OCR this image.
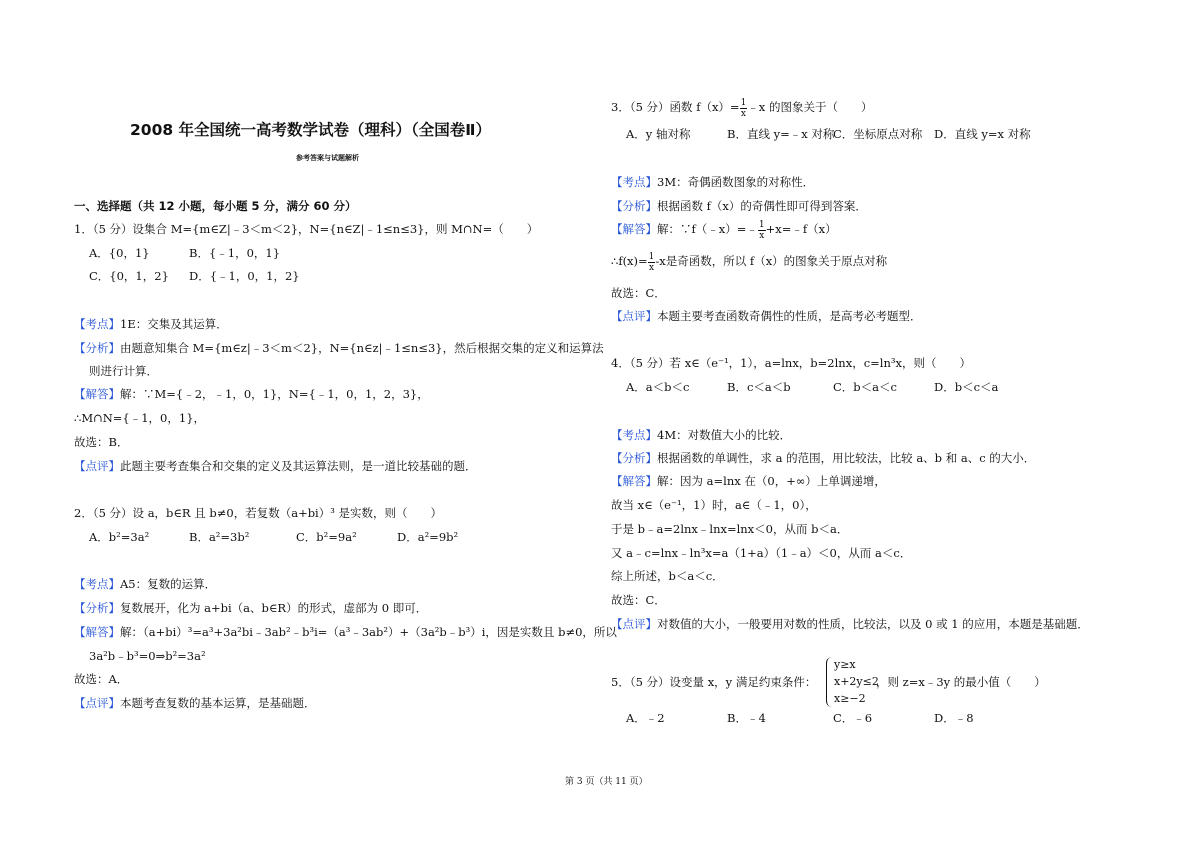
2008 年全国统一高考数学试卷（理科）（全国卷Ⅱ）
参考答案与试题解析
一、选择题（共 12 小题，每小题 5 分，满分 60 分）
1．（5 分）设集合 M={m∈Z|﹣3＜m＜2}，N={n∈Z|﹣1≤n≤3}，则 M∩N=（　　）
A．{0，1}	B．{﹣1，0，1}
C．{0，1，2} D．{﹣1，0，1，2}
【考点】1E：交集及其运算．
【分析】由题意知集合 M={m∈z|﹣3＜m＜2}，N={n∈z|﹣1≤n≤3}，然后根据交集的定义和运算法
则进行计算．
【解答】解：∵M={﹣2，﹣1，0，1}，N={﹣1，0，1，2，3}，
∴M∩N={﹣1，0，1}，
故选：B．
【点评】此题主要考查集合和交集的定义及其运算法则，是一道比较基础的题．
2．（5 分）设 a，b∈R 且 b≠0，若复数（a+bi）³ 是实数，则（　　）
A．b²=3a²	B．a²=3b²	C．b²=9a²	D．a²=9b²
【考点】A5：复数的运算．
【分析】复数展开，化为 a+bi（a、b∈R）的形式，虚部为 0 即可．
【解答】解：（a+bi）³=a³+3a²bi﹣3ab²﹣b³i=（a³﹣3ab²）+（3a²b﹣b³）i，因是实数且 b≠0，所以
3a²b﹣b³=0⇒b²=3a²
故选：A．
【点评】本题考查复数的基本运算，是基础题．
3．（5 分）函数 $f(x)= \frac{1}{x}$ ﹣x 的图象关于（　　）
A．y 轴对称	B．直线 y=﹣x 对称
C．坐标原点对称 D．直线 y=x 对称
【考点】3M：奇偶函数图象的对称性．
【分析】根据函数 f（x）的奇偶性即可得到答案．
【解答】解：∵f（﹣x）=﹣ $\frac{1}{x}$ +x=﹣f（x）
∴f(x)= $\frac{1}{x} -x$是奇函数，所以 f（x）的图象关于原点对称
故选：C．
【点评】本题主要考查函数奇偶性的性质，是高考必考题型．
4．（5 分）若 x∈（e⁻¹，1），a=lnx，b=2lnx，c=ln³x，则（　　）
A．a＜b＜c	B．c＜a＜b	C．b＜a＜c	D．b＜c＜a
【考点】4M：对数值大小的比较．
【分析】根据函数的单调性，求 a 的范围，用比较法，比较 a、b 和 a、c 的大小．
【解答】解：因为 a=lnx 在（0，+∞）上单调递增，
故当 x∈（e⁻¹，1）时，a∈（﹣1，0），
于是 b﹣a=2lnx﹣lnx=lnx＜0，从而 b＜a．
又 a﹣c=lnx﹣ln³x=a（1+a）（1﹣a）＜0，从而 a＜c．
综上所述，b＜a＜c．
故选：C．
【点评】对数值的大小，一般要用对数的性质，比较法，以及 0 或 1 的应用，本题是基础题．
5．（5 分）设变量 x，y 满足约束条件：
y≥x
x+2y≤2
x≥−2
，则 z=x﹣3y 的最小值（　　）
A．﹣2	B．﹣4	C．﹣6	D．﹣8
第 3 页（共 11 页）
